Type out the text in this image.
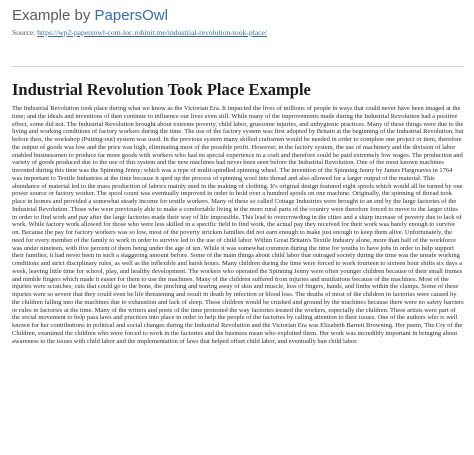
Example by PapersOwl
Source: https://wp2-papersowl-com-loc.robinit.me/industrial-revolution-took-place/
Industrial Revolution Took Place Example
The Industrial Revolution took place during what we know as the Victorian Era. It impacted the lives of millions of people in ways that could never have been imaged at the time; and the ideals and inventions of then continue to influence our lives even still. While many of the improvements made during the Industrial Revolution had a positive effect, some did not. The Industrial Revolution brought about extreme poverty, child labor, gruesome injuries, and unhygienic practices. Many of these things were due to the living and working conditions of factory workers during the time. The use of the factory system was first adopted by Britain at the beginning of the Industrial Revolution, but before then, the workshop (Putting-out) system was used. In the previous system many skilled craftsmen would be needed in order to complete one project or item, therefore the output of goods was low and the price was high, eliminating most of the possible profit. However, in the factory system, the use of machinery and the division of labor enabled businessmen to produce far more goods with workers who had no special experience in a craft and therefore could be paid extremely low wages. The production and variety of goods produced due to the use of this system and the new machines had never been seen before the Industrial Revolution. One of the most known machines invented during this time was the Spinning Jenny; which was a type of multi-spindled spinning wheel. The invention of the Spinning Jenny by James Hargreaves in 1764 was important to Textile Industries at the time because it sped up the process of spinning wool into thread and also allowed for a larger output of the material. This abundance of material led to the mass production of fabrics mainly used in the making of clothing. It's original design featured eight spools which would all be turned by one power source or factory worker. The spool count was eventually improved in order to hold over a hundred spools on one machine. Originally, the spinning of thread took place in homes and provided a somewhat steady income for textile workers. Many of these so called Cottage Industries were brought to an end by the large factories of the Industrial Revolution. Those who were previously able to make a comfortable living in the more rural parts of the country were therefore forced to move to the larger cities in order to find work and pay after the large factories made their way of life impossible. This lead to overcrowding in the cities and a sharp increase of poverty due to lack of work. While factory work allowed for those who were less skilled in a specific field to find work, the actual pay they received for their work was barely enough to survive on. Because the pay for factory workers was so low, most of the poverty stricken families did not earn enough to make just enough to keep them alive. Unfortunately, the need for every member of the family to work in order to survive led to the use of child labor. Within Great Britain's Textile Industry alone, more than half of the workforce was under nineteen, with five percent of them being under the age of ten. While it was somewhat common during the time for youths to have jobs in order to help support their families, it had never been in such a staggering amount before. Some of the main things about child labor that outraged society during the time was the unsafe working conditions and strict disciplinary rules, as well as the inflexible and harsh hours. Many children during the time were forced to work fourteen to sixteen hour shifts six days a week, leaving little time for school, play, and healthy development. The workers who operated the Spinning Jenny were often younger children because of their small frames and nimble fingers which made it easier for them to use the machines. Many of the children suffered from injuries and mutilations because of the machines. Most of the injuries were scratches, cuts that could go to the bone, the pinching and tearing away of skin and muscle, loss of fingers, hands, and limbs within the clamps. Some of these injuries were so severe that they could even be life threatening and result in death by infection or blood loss. The deaths of most of the children in factories were caused by the children falling into the machines due to exhaustion and lack of sleep. These children would be crushed and ground by the machines because there were no safety barriers or rules in factories at the time. Many of the writers and poets of the time protested the way factories treated the workers, especially the children. These artists were part of the social movement to help pass laws and practices into place in order to help the people of the factories by calling attention to their issues. One of the authors who is well known for her contributions in political and social changes during the Industrial Revolution and the Victorian Era was Elizabeth Barrett Browning. Her poem, The Cry of the Children, examined the children who were forced to work in the factories and the business mean who exploited them. Her work was incredibly important in bringing about awareness to the issues with child labor and the implementation of laws that helped offset child labor, and eventually ban child labor.
